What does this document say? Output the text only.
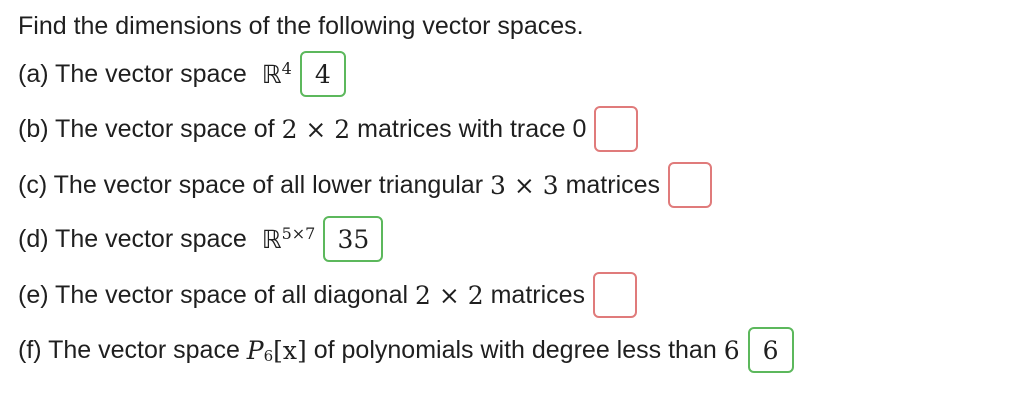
Find the dimensions of the following vector spaces.
(a) The vector space ℝ$^4$ 4
(b) The vector space of 2 × 2 matrices with trace 0
(c) The vector space of all lower triangular 3 × 3 matrices
(d) The vector space ℝ$^{5\times 7}$ 35
(e) The vector space of all diagonal 2 × 2 matrices
(f) The vector space P 6 [x] of polynomials with degree less than 6 6
